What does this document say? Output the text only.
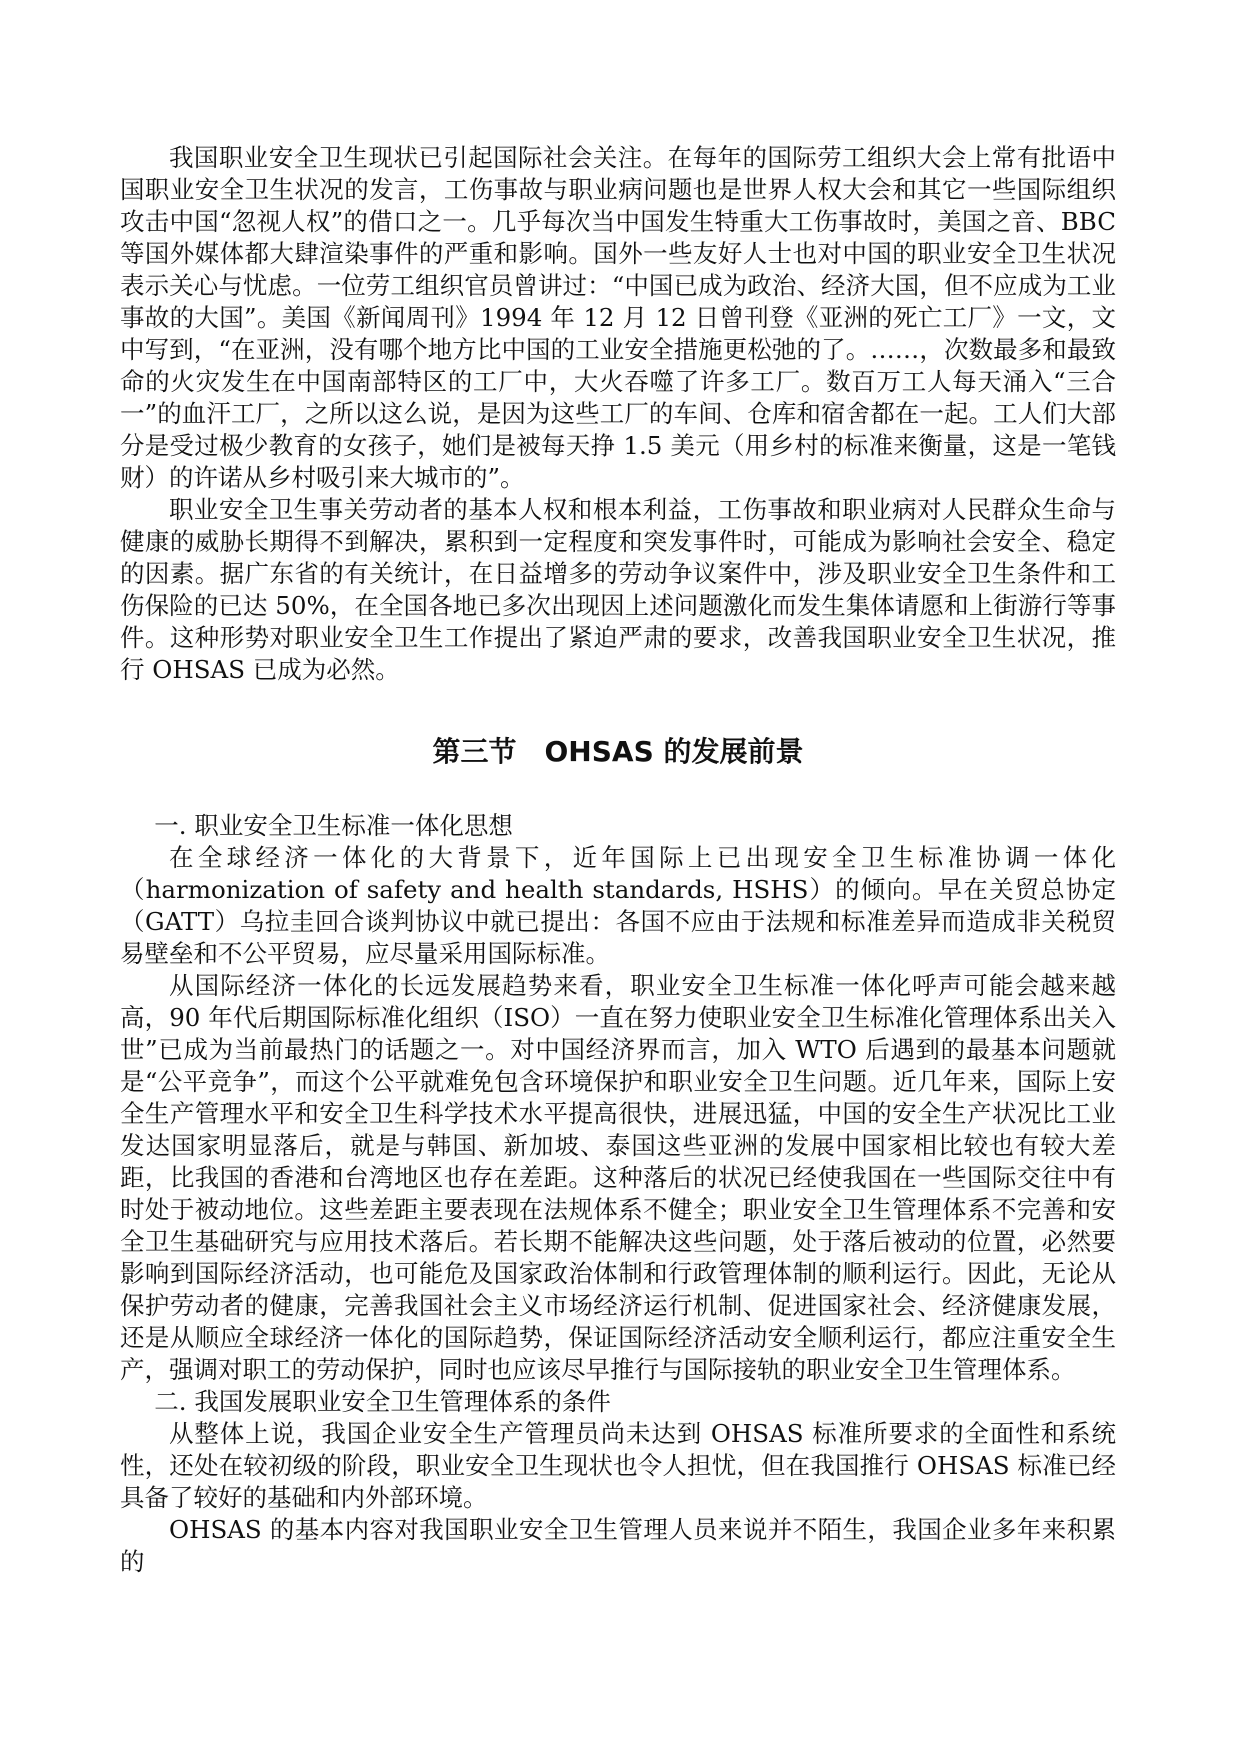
我国职业安全卫生现状已引起国际社会关注。在每年的国际劳工组织大会上常有批语中国职业安全卫生状况的发言，工伤事故与职业病问题也是世界人权大会和其它一些国际组织攻击中国“忽视人权”的借口之一。几乎每次当中国发生特重大工伤事故时，美国之音、BBC等国外媒体都大肆渲染事件的严重和影响。国外一些友好人士也对中国的职业安全卫生状况表示关心与忧虑。一位劳工组织官员曾讲过：“中国已成为政治、经济大国，但不应成为工业事故的大国”。美国《新闻周刊》1994 年 12 月 12 日曾刊登《亚洲的死亡工厂》一文，文中写到，“在亚洲，没有哪个地方比中国的工业安全措施更松弛的了。……，次数最多和最致命的火灾发生在中国南部特区的工厂中，大火吞噬了许多工厂。数百万工人每天涌入“三合一”的血汗工厂，之所以这么说，是因为这些工厂的车间、仓库和宿舍都在一起。工人们大部分是受过极少教育的女孩子，她们是被每天挣 1.5 美元（用乡村的标准来衡量，这是一笔钱财）的许诺从乡村吸引来大城市的”。

职业安全卫生事关劳动者的基本人权和根本利益，工伤事故和职业病对人民群众生命与健康的威胁长期得不到解决，累积到一定程度和突发事件时，可能成为影响社会安全、稳定的因素。据广东省的有关统计，在日益增多的劳动争议案件中，涉及职业安全卫生条件和工伤保险的已达 50%，在全国各地已多次出现因上述问题激化而发生集体请愿和上街游行等事件。这种形势对职业安全卫生工作提出了紧迫严肃的要求，改善我国职业安全卫生状况，推行 OHSAS 已成为必然。

第三节　OHSAS 的发展前景

一. 职业安全卫生标准一体化思想

在全球经济一体化的大背景下，近年国际上已出现安全卫生标准协调一体化（harmonization of safety and health standards, HSHS）的倾向。早在关贸总协定（GATT）乌拉圭回合谈判协议中就已提出：各国不应由于法规和标准差异而造成非关税贸易壁垒和不公平贸易，应尽量采用国际标准。

从国际经济一体化的长远发展趋势来看，职业安全卫生标准一体化呼声可能会越来越高，90 年代后期国际标准化组织（ISO）一直在努力使职业安全卫生标准化管理体系出关入世”已成为当前最热门的话题之一。对中国经济界而言，加入 WTO 后遇到的最基本问题就是“公平竞争”，而这个公平就难免包含环境保护和职业安全卫生问题。近几年来，国际上安全生产管理水平和安全卫生科学技术水平提高很快，进展迅猛，中国的安全生产状况比工业发达国家明显落后，就是与韩国、新加坡、泰国这些亚洲的发展中国家相比较也有较大差距，比我国的香港和台湾地区也存在差距。这种落后的状况已经使我国在一些国际交往中有时处于被动地位。这些差距主要表现在法规体系不健全；职业安全卫生管理体系不完善和安全卫生基础研究与应用技术落后。若长期不能解决这些问题，处于落后被动的位置，必然要影响到国际经济活动，也可能危及国家政治体制和行政管理体制的顺利运行。因此，无论从保护劳动者的健康，完善我国社会主义市场经济运行机制、促进国家社会、经济健康发展，还是从顺应全球经济一体化的国际趋势，保证国际经济活动安全顺利运行，都应注重安全生产，强调对职工的劳动保护，同时也应该尽早推行与国际接轨的职业安全卫生管理体系。

二. 我国发展职业安全卫生管理体系的条件

从整体上说，我国企业安全生产管理员尚未达到 OHSAS 标准所要求的全面性和系统性，还处在较初级的阶段，职业安全卫生现状也令人担忧，但在我国推行 OHSAS 标准已经具备了较好的基础和内外部环境。

OHSAS 的基本内容对我国职业安全卫生管理人员来说并不陌生，我国企业多年来积累的
